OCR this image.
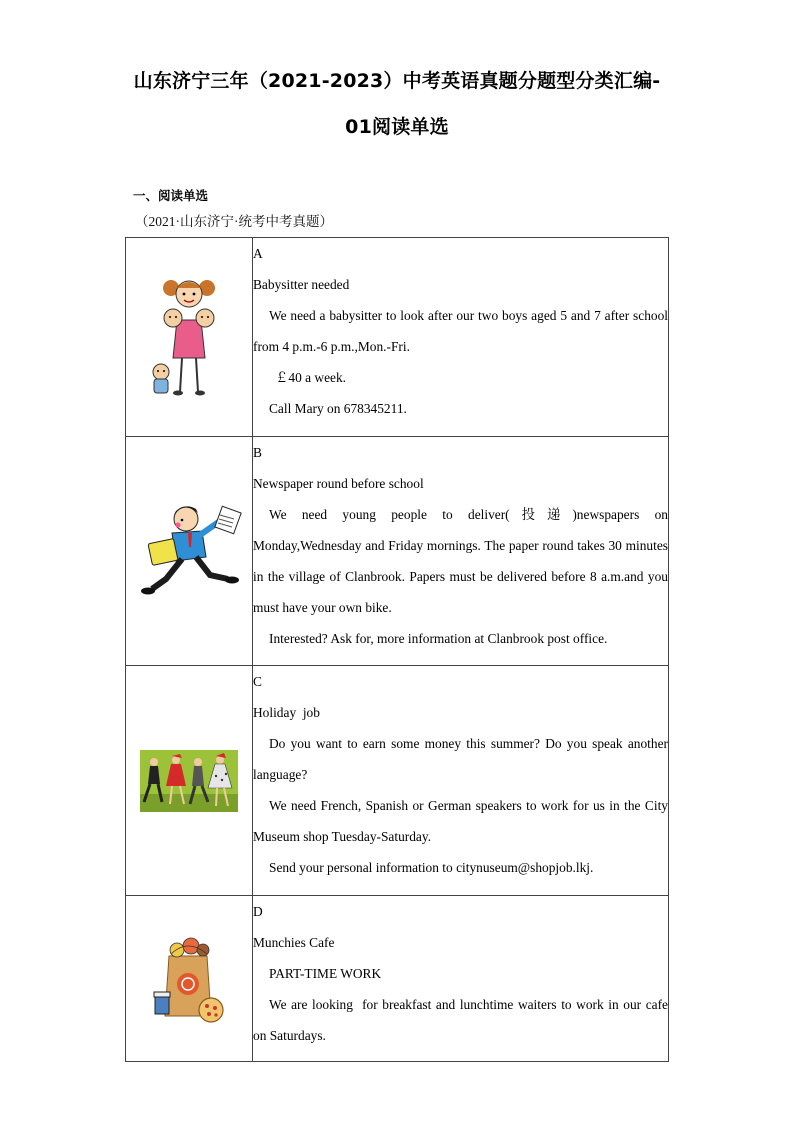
山东济宁三年（2021-2023）中考英语真题分题型分类汇编-
01阅读单选
一、阅读单选
（2021·山东济宁·统考中考真题）

A
Babysitter needed
We need a babysitter to look after our two boys aged 5 and 7 after school from 4 p.m.-6 p.m.,Mon.-Fri.
￡40 a week.
Call Mary on 678345211.

B
Newspaper round before school
We need young people to deliver(投递)newspapers on Monday,Wednesday and Friday mornings. The paper round takes 30 minutes in the village of Clanbrook. Papers must be delivered before 8 a.m.and you must have your own bike.
Interested? Ask for, more information at Clanbrook post office.

C
Holiday  job
Do you want to earn some money this summer? Do you speak another language?
We need French, Spanish or German speakers to work for us in the City Museum shop Tuesday-Saturday.
Send your personal information to citynuseum@shopjob.lkj.

D
Munchies Cafe
PART-TIME WORK
We are looking  for breakfast and lunchtime waiters to work in our cafe on Saturdays.
